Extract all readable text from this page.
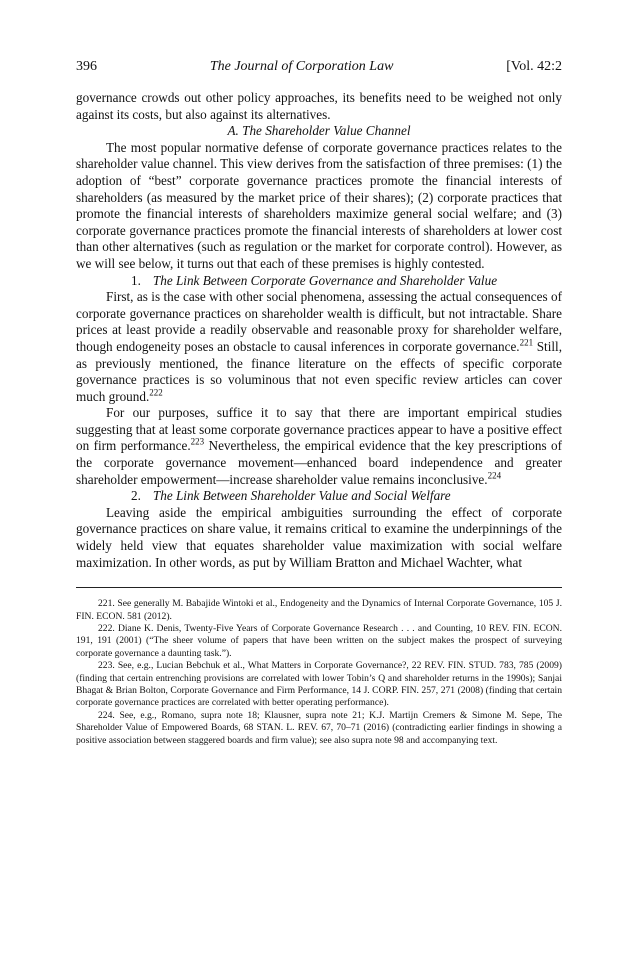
396	The Journal of Corporation Law	[Vol. 42:2

governance crowds out other policy approaches, its benefits need to be weighed not only against its costs, but also against its alternatives.

A. The Shareholder Value Channel

The most popular normative defense of corporate governance practices relates to the shareholder value channel. This view derives from the satisfaction of three premises: (1) the adoption of “best” corporate governance practices promote the financial interests of shareholders (as measured by the market price of their shares); (2) corporate practices that promote the financial interests of shareholders maximize general social welfare; and (3) corporate governance practices promote the financial interests of shareholders at lower cost than other alternatives (such as regulation or the market for corporate control). However, as we will see below, it turns out that each of these premises is highly contested.

1. The Link Between Corporate Governance and Shareholder Value

First, as is the case with other social phenomena, assessing the actual consequences of corporate governance practices on shareholder wealth is difficult, but not intractable. Share prices at least provide a readily observable and reasonable proxy for shareholder welfare, though endogeneity poses an obstacle to causal inferences in corporate governance.$^{221}$ Still, as previously mentioned, the finance literature on the effects of specific corporate governance practices is so voluminous that not even specific review articles can cover much ground.$^{222}$

For our purposes, suffice it to say that there are important empirical studies suggesting that at least some corporate governance practices appear to have a positive effect on firm performance.$^{223}$ Nevertheless, the empirical evidence that the key prescriptions of the corporate governance movement—enhanced board independence and greater shareholder empowerment—increase shareholder value remains inconclusive.$^{224}$

2. The Link Between Shareholder Value and Social Welfare

Leaving aside the empirical ambiguities surrounding the effect of corporate governance practices on share value, it remains critical to examine the underpinnings of the widely held view that equates shareholder value maximization with social welfare maximization. In other words, as put by William Bratton and Michael Wachter, what

221. See generally M. Babajide Wintoki et al., Endogeneity and the Dynamics of Internal Corporate Governance, 105 J. FIN. ECON. 581 (2012).

222. Diane K. Denis, Twenty-Five Years of Corporate Governance Research . . . and Counting, 10 REV. FIN. ECON. 191, 191 (2001) (“The sheer volume of papers that have been written on the subject makes the prospect of surveying corporate governance a daunting task.”).

223. See, e.g., Lucian Bebchuk et al., What Matters in Corporate Governance?, 22 REV. FIN. STUD. 783, 785 (2009) (finding that certain entrenching provisions are correlated with lower Tobin’s Q and shareholder returns in the 1990s); Sanjai Bhagat & Brian Bolton, Corporate Governance and Firm Performance, 14 J. CORP. FIN. 257, 271 (2008) (finding that certain corporate governance practices are correlated with better operating performance).

224. See, e.g., Romano, supra note 18; Klausner, supra note 21; K.J. Martijn Cremers & Simone M. Sepe, The Shareholder Value of Empowered Boards, 68 STAN. L. REV. 67, 70–71 (2016) (contradicting earlier findings in showing a positive association between staggered boards and firm value); see also supra note 98 and accompanying text.
